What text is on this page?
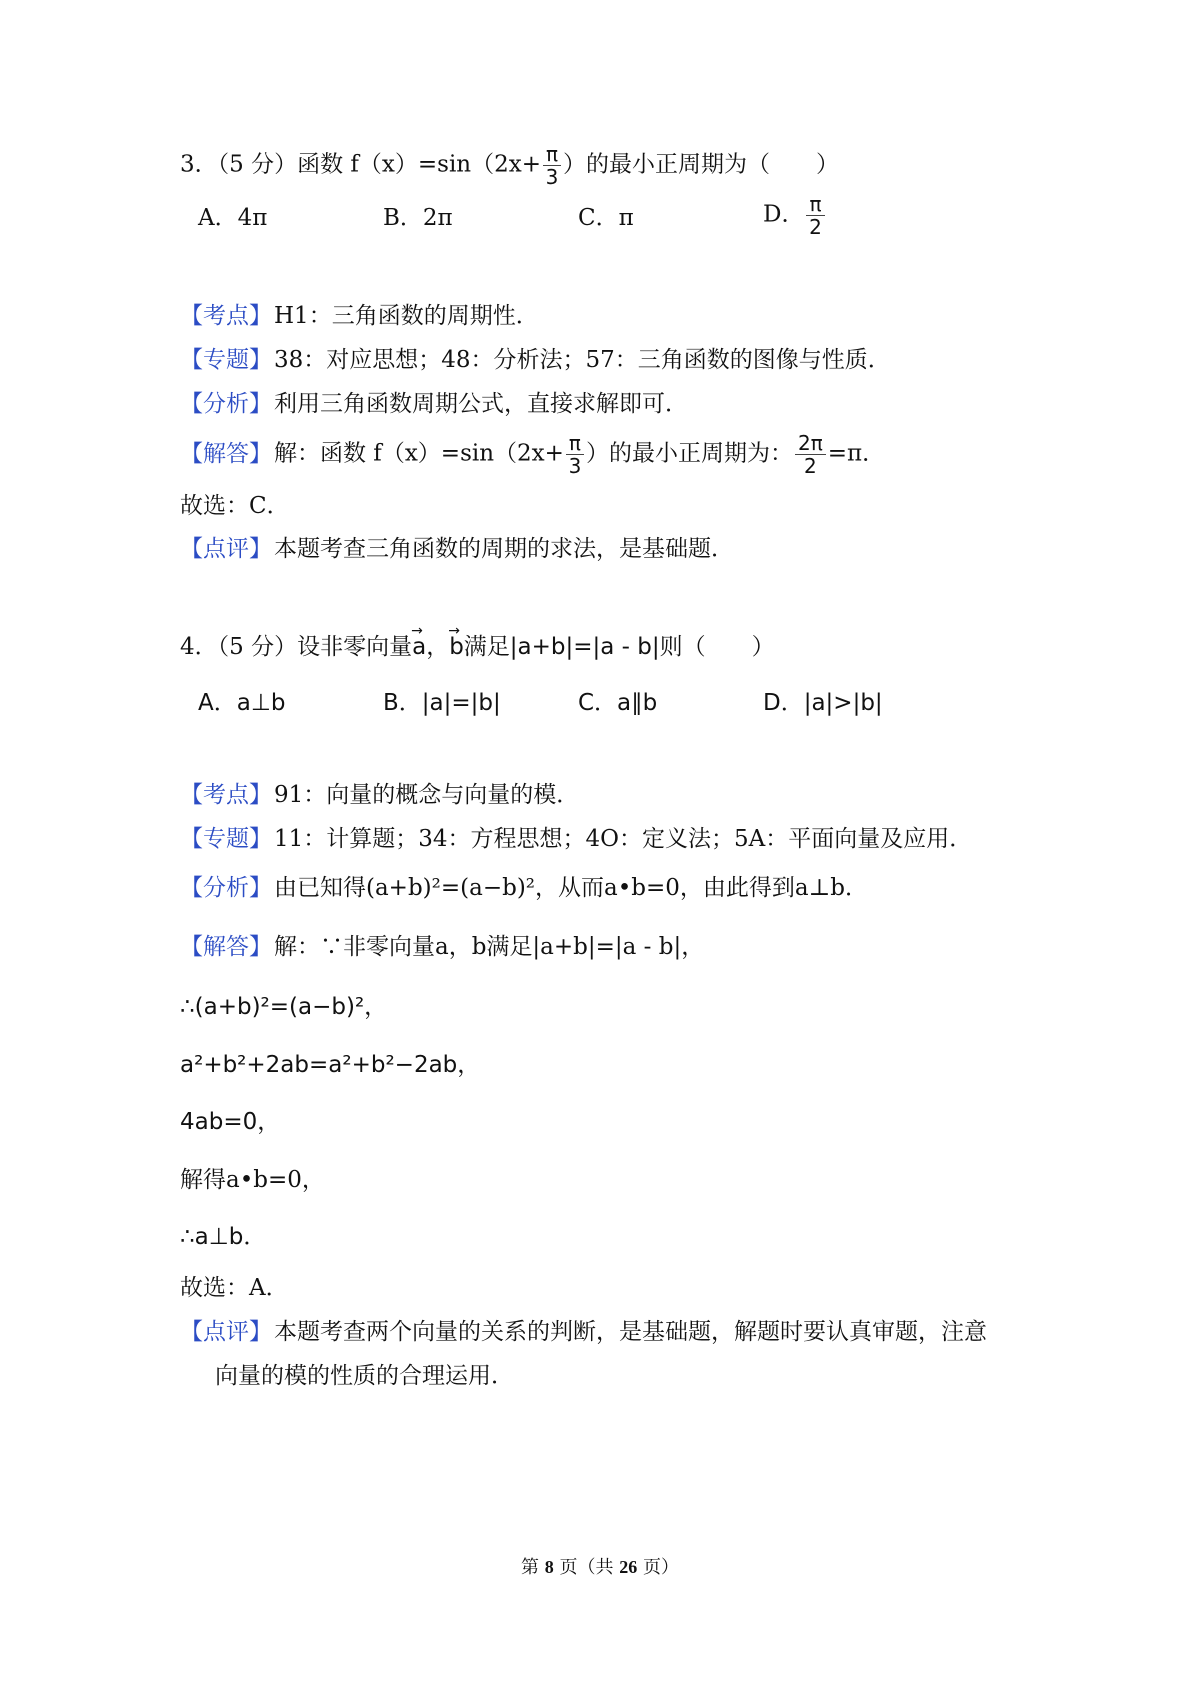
3．（5 分）函数 $f(x)=\sin(2x+ \frac{\pi}{3}$ ）的最小正周期为（　　）
A．4π	B．2π	C．π	D． $\frac{\pi}{2}$
【考点】H1：三角函数的周期性．
【专题】38：对应思想；48：分析法；57：三角函数的图像与性质．
【分析】利用三角函数周期公式，直接求解即可．
【解答】解：函数 $f(x)=\sin(2x+ \frac{\pi}{3}$ ）的最小正周期为： $\frac{2\pi}{2} =\pi$．
故选：C．
【点评】本题考查三角函数的周期的求法，是基础题．
4．（5 分）设非零向量→ a，→ b满足|a+b|=|a - b|则（　　）
A．a⊥b	B．|a|=|b|	C．a∥b	D．|a|>|b|
【考点】91：向量的概念与向量的模．
【专题】11：计算题；34：方程思想；4O：定义法；5A：平面向量及应用．
【分析】由已知得(a+b)²=(a−b)²，从而a•b=0，由此得到a⊥b．
【解答】解：∵非零向量a，b满足|a+b|=|a - b|，
∴(a+b)²=(a−b)²，
a²+b²+2ab=a²+b²−2ab，
4ab=0，
解得a•b=0，
∴a⊥b．
故选：A．
【点评】本题考查两个向量的关系的判断，是基础题，解题时要认真审题，注意
向量的模的性质的合理运用．
第 8 页（共 26 页）
